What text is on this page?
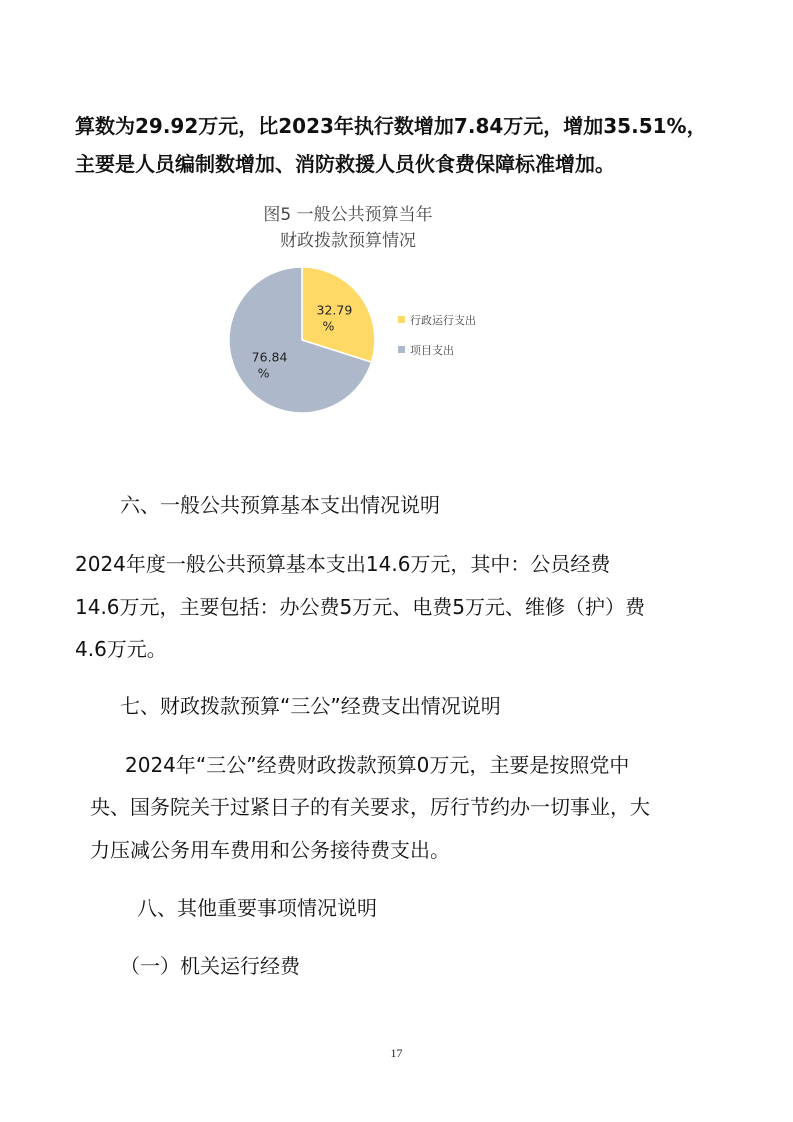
算数为29.92万元，比2023年执行数增加7.84万元，增加35.51%，
主要是人员编制数增加、消防救援人员伙食费保障标准增加。
图5 一般公共预算当年
财政拨款预算情况
32.79
%
76.84
%
行政运行支出
项目支出
六、一般公共预算基本支出情况说明
2024年度一般公共预算基本支出14.6万元，其中：公员经费
14.6万元，主要包括：办公费5万元、电费5万元、维修（护）费
4.6万元。
七、财政拨款预算“三公”经费支出情况说明
2024年“三公”经费财政拨款预算0万元，主要是按照党中
央、国务院关于过紧日子的有关要求，厉行节约办一切事业，大
力压减公务用车费用和公务接待费支出。
八、其他重要事项情况说明
（一）机关运行经费
17
